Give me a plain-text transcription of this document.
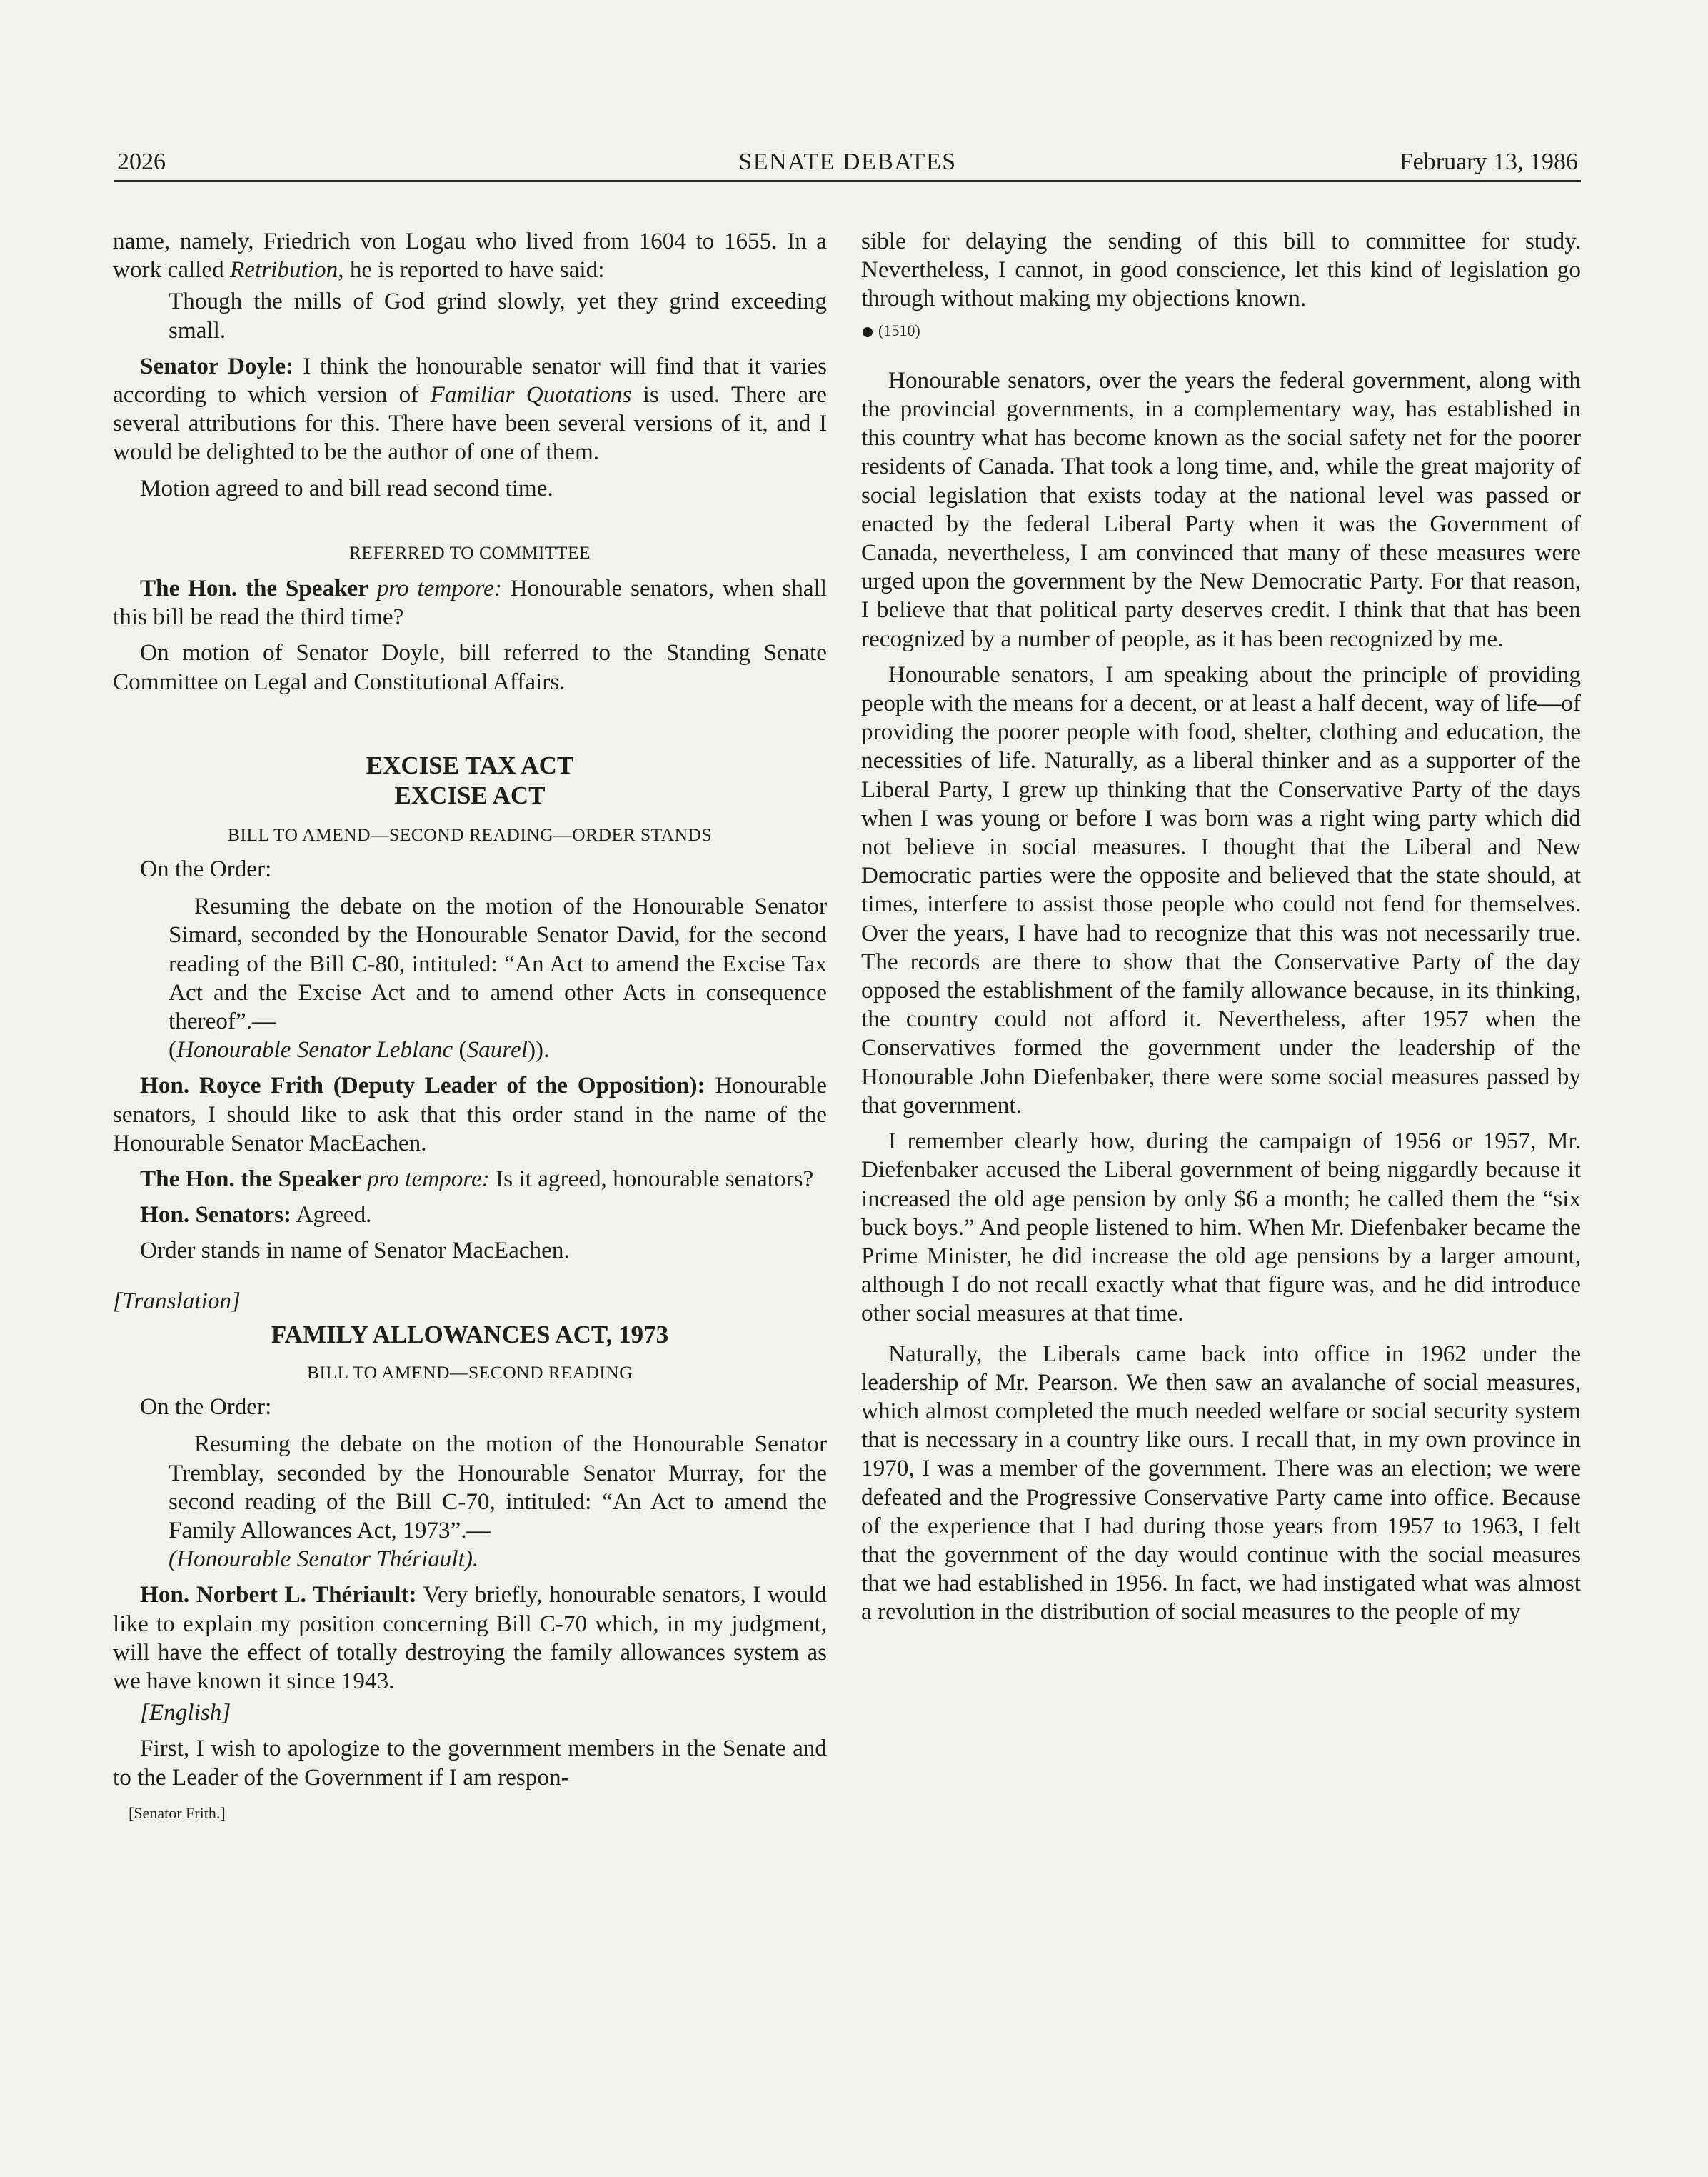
2026	SENATE DEBATES	February 13, 1986

name, namely, Friedrich von Logau who lived from 1604 to 1655. In a work called Retribution, he is reported to have said:

Though the mills of God grind slowly, yet they grind exceeding small.

Senator Doyle: I think the honourable senator will find that it varies according to which version of Familiar Quotations is used. There are several attributions for this. There have been several versions of it, and I would be delighted to be the author of one of them.

Motion agreed to and bill read second time.

REFERRED TO COMMITTEE

The Hon. the Speaker pro tempore: Honourable senators, when shall this bill be read the third time?

On motion of Senator Doyle, bill referred to the Standing Senate Committee on Legal and Constitutional Affairs.

EXCISE TAX ACT

EXCISE ACT

BILL TO AMEND—SECOND READING—ORDER STANDS

On the Order:

Resuming the debate on the motion of the Honourable Senator Simard, seconded by the Honourable Senator David, for the second reading of the Bill C-80, intituled: “An Act to amend the Excise Tax Act and the Excise Act and to amend other Acts in consequence thereof”.—
(Honourable Senator Leblanc (Saurel)).

Hon. Royce Frith (Deputy Leader of the Opposition): Honourable senators, I should like to ask that this order stand in the name of the Honourable Senator MacEachen.

The Hon. the Speaker pro tempore: Is it agreed, honourable senators?

Hon. Senators: Agreed.

Order stands in name of Senator MacEachen.

[Translation]

FAMILY ALLOWANCES ACT, 1973

BILL TO AMEND—SECOND READING

On the Order:

Resuming the debate on the motion of the Honourable Senator Tremblay, seconded by the Honourable Senator Murray, for the second reading of the Bill C-70, intituled: “An Act to amend the Family Allowances Act, 1973”.—
(Honourable Senator Thériault).

Hon. Norbert L. Thériault: Very briefly, honourable senators, I would like to explain my position concerning Bill C-70 which, in my judgment, will have the effect of totally destroying the family allowances system as we have known it since 1943.

[English]

First, I wish to apologize to the government members in the Senate and to the Leader of the Government if I am respon-

[Senator Frith.]

sible for delaying the sending of this bill to committee for study. Nevertheless, I cannot, in good conscience, let this kind of legislation go through without making my objections known.

(1510)

Honourable senators, over the years the federal government, along with the provincial governments, in a complementary way, has established in this country what has become known as the social safety net for the poorer residents of Canada. That took a long time, and, while the great majority of social legislation that exists today at the national level was passed or enacted by the federal Liberal Party when it was the Government of Canada, nevertheless, I am convinced that many of these measures were urged upon the government by the New Democratic Party. For that reason, I believe that that political party deserves credit. I think that that has been recognized by a number of people, as it has been recognized by me.

Honourable senators, I am speaking about the principle of providing people with the means for a decent, or at least a half decent, way of life—of providing the poorer people with food, shelter, clothing and education, the necessities of life. Naturally, as a liberal thinker and as a supporter of the Liberal Party, I grew up thinking that the Conservative Party of the days when I was young or before I was born was a right wing party which did not believe in social measures. I thought that the Liberal and New Democratic parties were the opposite and believed that the state should, at times, interfere to assist those people who could not fend for themselves. Over the years, I have had to recognize that this was not necessarily true. The records are there to show that the Conservative Party of the day opposed the establishment of the family allowance because, in its thinking, the country could not afford it. Nevertheless, after 1957 when the Conservatives formed the government under the leadership of the Honourable John Diefenbaker, there were some social measures passed by that government.

I remember clearly how, during the campaign of 1956 or 1957, Mr. Diefenbaker accused the Liberal government of being niggardly because it increased the old age pension by only $6 a month; he called them the “six buck boys.” And people listened to him. When Mr. Diefenbaker became the Prime Minister, he did increase the old age pensions by a larger amount, although I do not recall exactly what that figure was, and he did introduce other social measures at that time.

Naturally, the Liberals came back into office in 1962 under the leadership of Mr. Pearson. We then saw an avalanche of social measures, which almost completed the much needed welfare or social security system that is necessary in a country like ours. I recall that, in my own province in 1970, I was a member of the government. There was an election; we were defeated and the Progressive Conservative Party came into office. Because of the experience that I had during those years from 1957 to 1963, I felt that the government of the day would continue with the social measures that we had established in 1956. In fact, we had instigated what was almost a revolution in the distribution of social measures to the people of my
